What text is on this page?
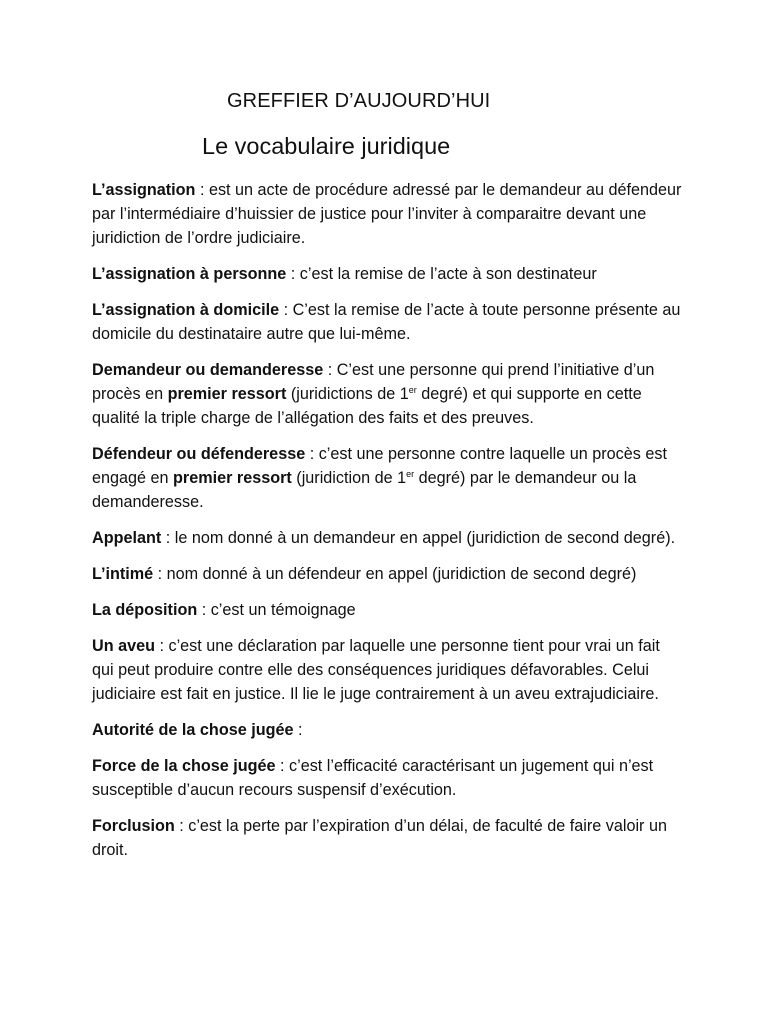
GREFFIER D’AUJOURD’HUI
Le vocabulaire juridique

L’assignation : est un acte de procédure adressé par le demandeur au défendeur par l’intermédiaire d’huissier de justice pour l’inviter à comparaitre devant une juridiction de l’ordre judiciaire.

L’assignation à personne : c’est la remise de l’acte à son destinateur

L’assignation à domicile : C’est la remise de l’acte à toute personne présente au domicile du destinataire autre que lui-même.

Demandeur ou demanderesse : C’est une personne qui prend l’initiative d’un procès en premier ressort (juridictions de 1er degré) et qui supporte en cette qualité la triple charge de l’allégation des faits et des preuves.

Défendeur ou défenderesse : c’est une personne contre laquelle un procès est engagé en premier ressort (juridiction de 1er degré) par le demandeur ou la demanderesse.

Appelant : le nom donné à un demandeur en appel (juridiction de second degré).

L’intimé : nom donné à un défendeur en appel (juridiction de second degré)

La déposition : c’est un témoignage

Un aveu : c’est une déclaration par laquelle une personne tient pour vrai un fait qui peut produire contre elle des conséquences juridiques défavorables. Celui judiciaire est fait en justice. Il lie le juge contrairement à un aveu extrajudiciaire.

Autorité de la chose jugée :

Force de la chose jugée : c’est l’efficacité caractérisant un jugement qui n’est susceptible d’aucun recours suspensif d’exécution.

Forclusion : c’est la perte par l’expiration d’un délai, de faculté de faire valoir un droit.
